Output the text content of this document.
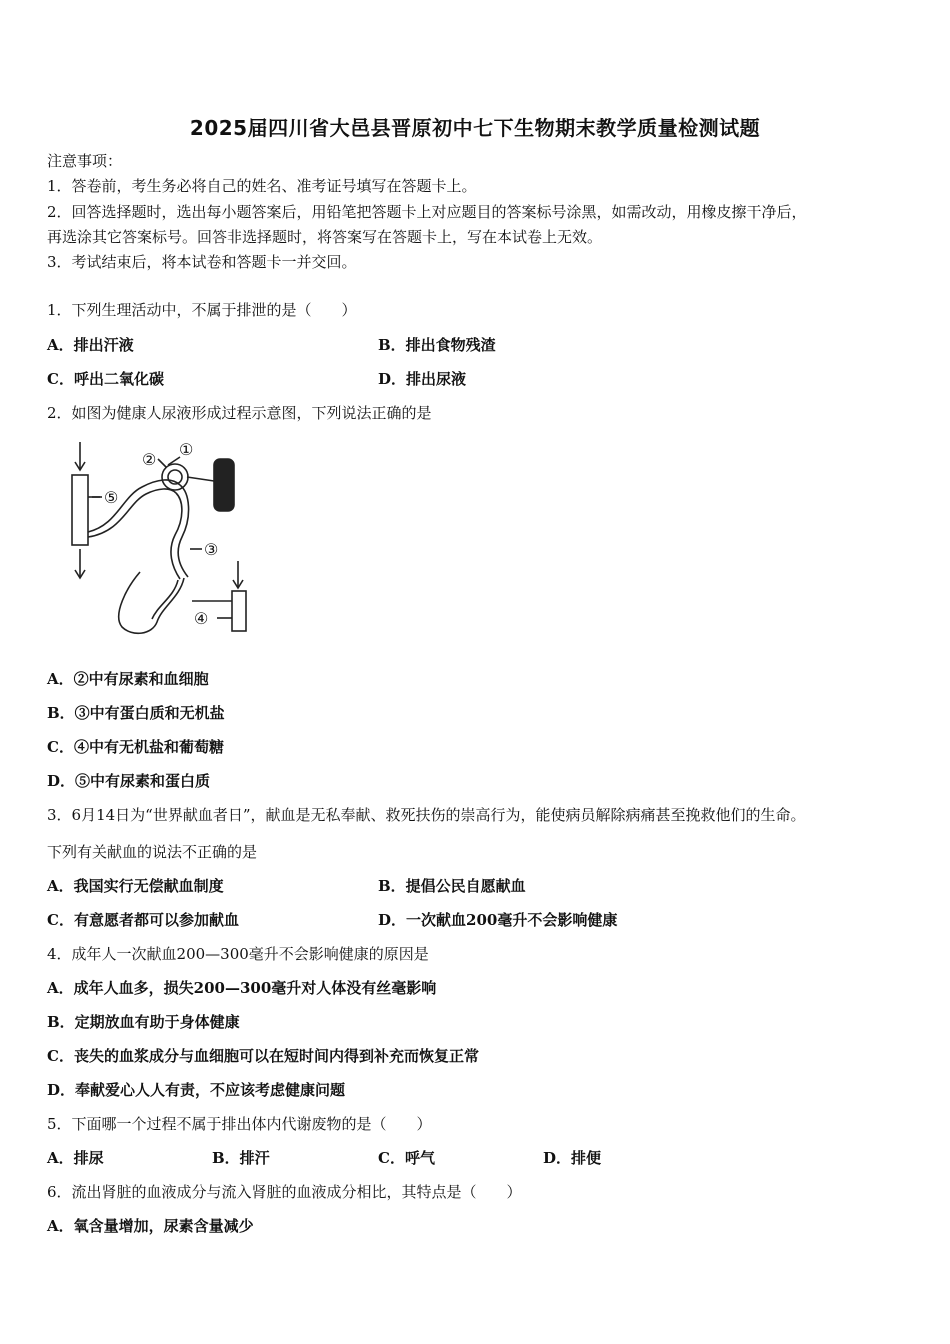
2025届四川省大邑县晋原初中七下生物期末教学质量检测试题
注意事项：
1．答卷前，考生务必将自己的姓名、准考证号填写在答题卡上。
2．回答选择题时，选出每小题答案后，用铅笔把答题卡上对应题目的答案标号涂黑，如需改动，用橡皮擦干净后，
再选涂其它答案标号。回答非选择题时，将答案写在答题卡上，写在本试卷上无效。
3．考试结束后，将本试卷和答题卡一并交回。
1．下列生理活动中，不属于排泄的是（　　）
A．排出汗液	B．排出食物残渣
C．呼出二氧化碳	D．排出尿液
2．如图为健康人尿液形成过程示意图，下列说法正确的是
①
②
③
④
⑤
A．②中有尿素和血细胞
B．③中有蛋白质和无机盐
C．④中有无机盐和葡萄糖
D．⑤中有尿素和蛋白质
3．6月14日为“世界献血者日”，献血是无私奉献、救死扶伤的崇高行为，能使病员解除病痛甚至挽救他们的生命。
下列有关献血的说法不正确的是
A．我国实行无偿献血制度	B．提倡公民自愿献血
C．有意愿者都可以参加献血	D．一次献血200毫升不会影响健康
4．成年人一次献血200—300毫升不会影响健康的原因是
A．成年人血多，损失200—300毫升对人体没有丝毫影响
B．定期放血有助于身体健康
C．丧失的血浆成分与血细胞可以在短时间内得到补充而恢复正常
D．奉献爱心人人有责，不应该考虑健康问题
5．下面哪一个过程不属于排出体内代谢废物的是（　　）
A．排尿	B．排汗	C．呼气	D．排便
6．流出肾脏的血液成分与流入肾脏的血液成分相比，其特点是（　　）
A．氧含量增加，尿素含量减少
